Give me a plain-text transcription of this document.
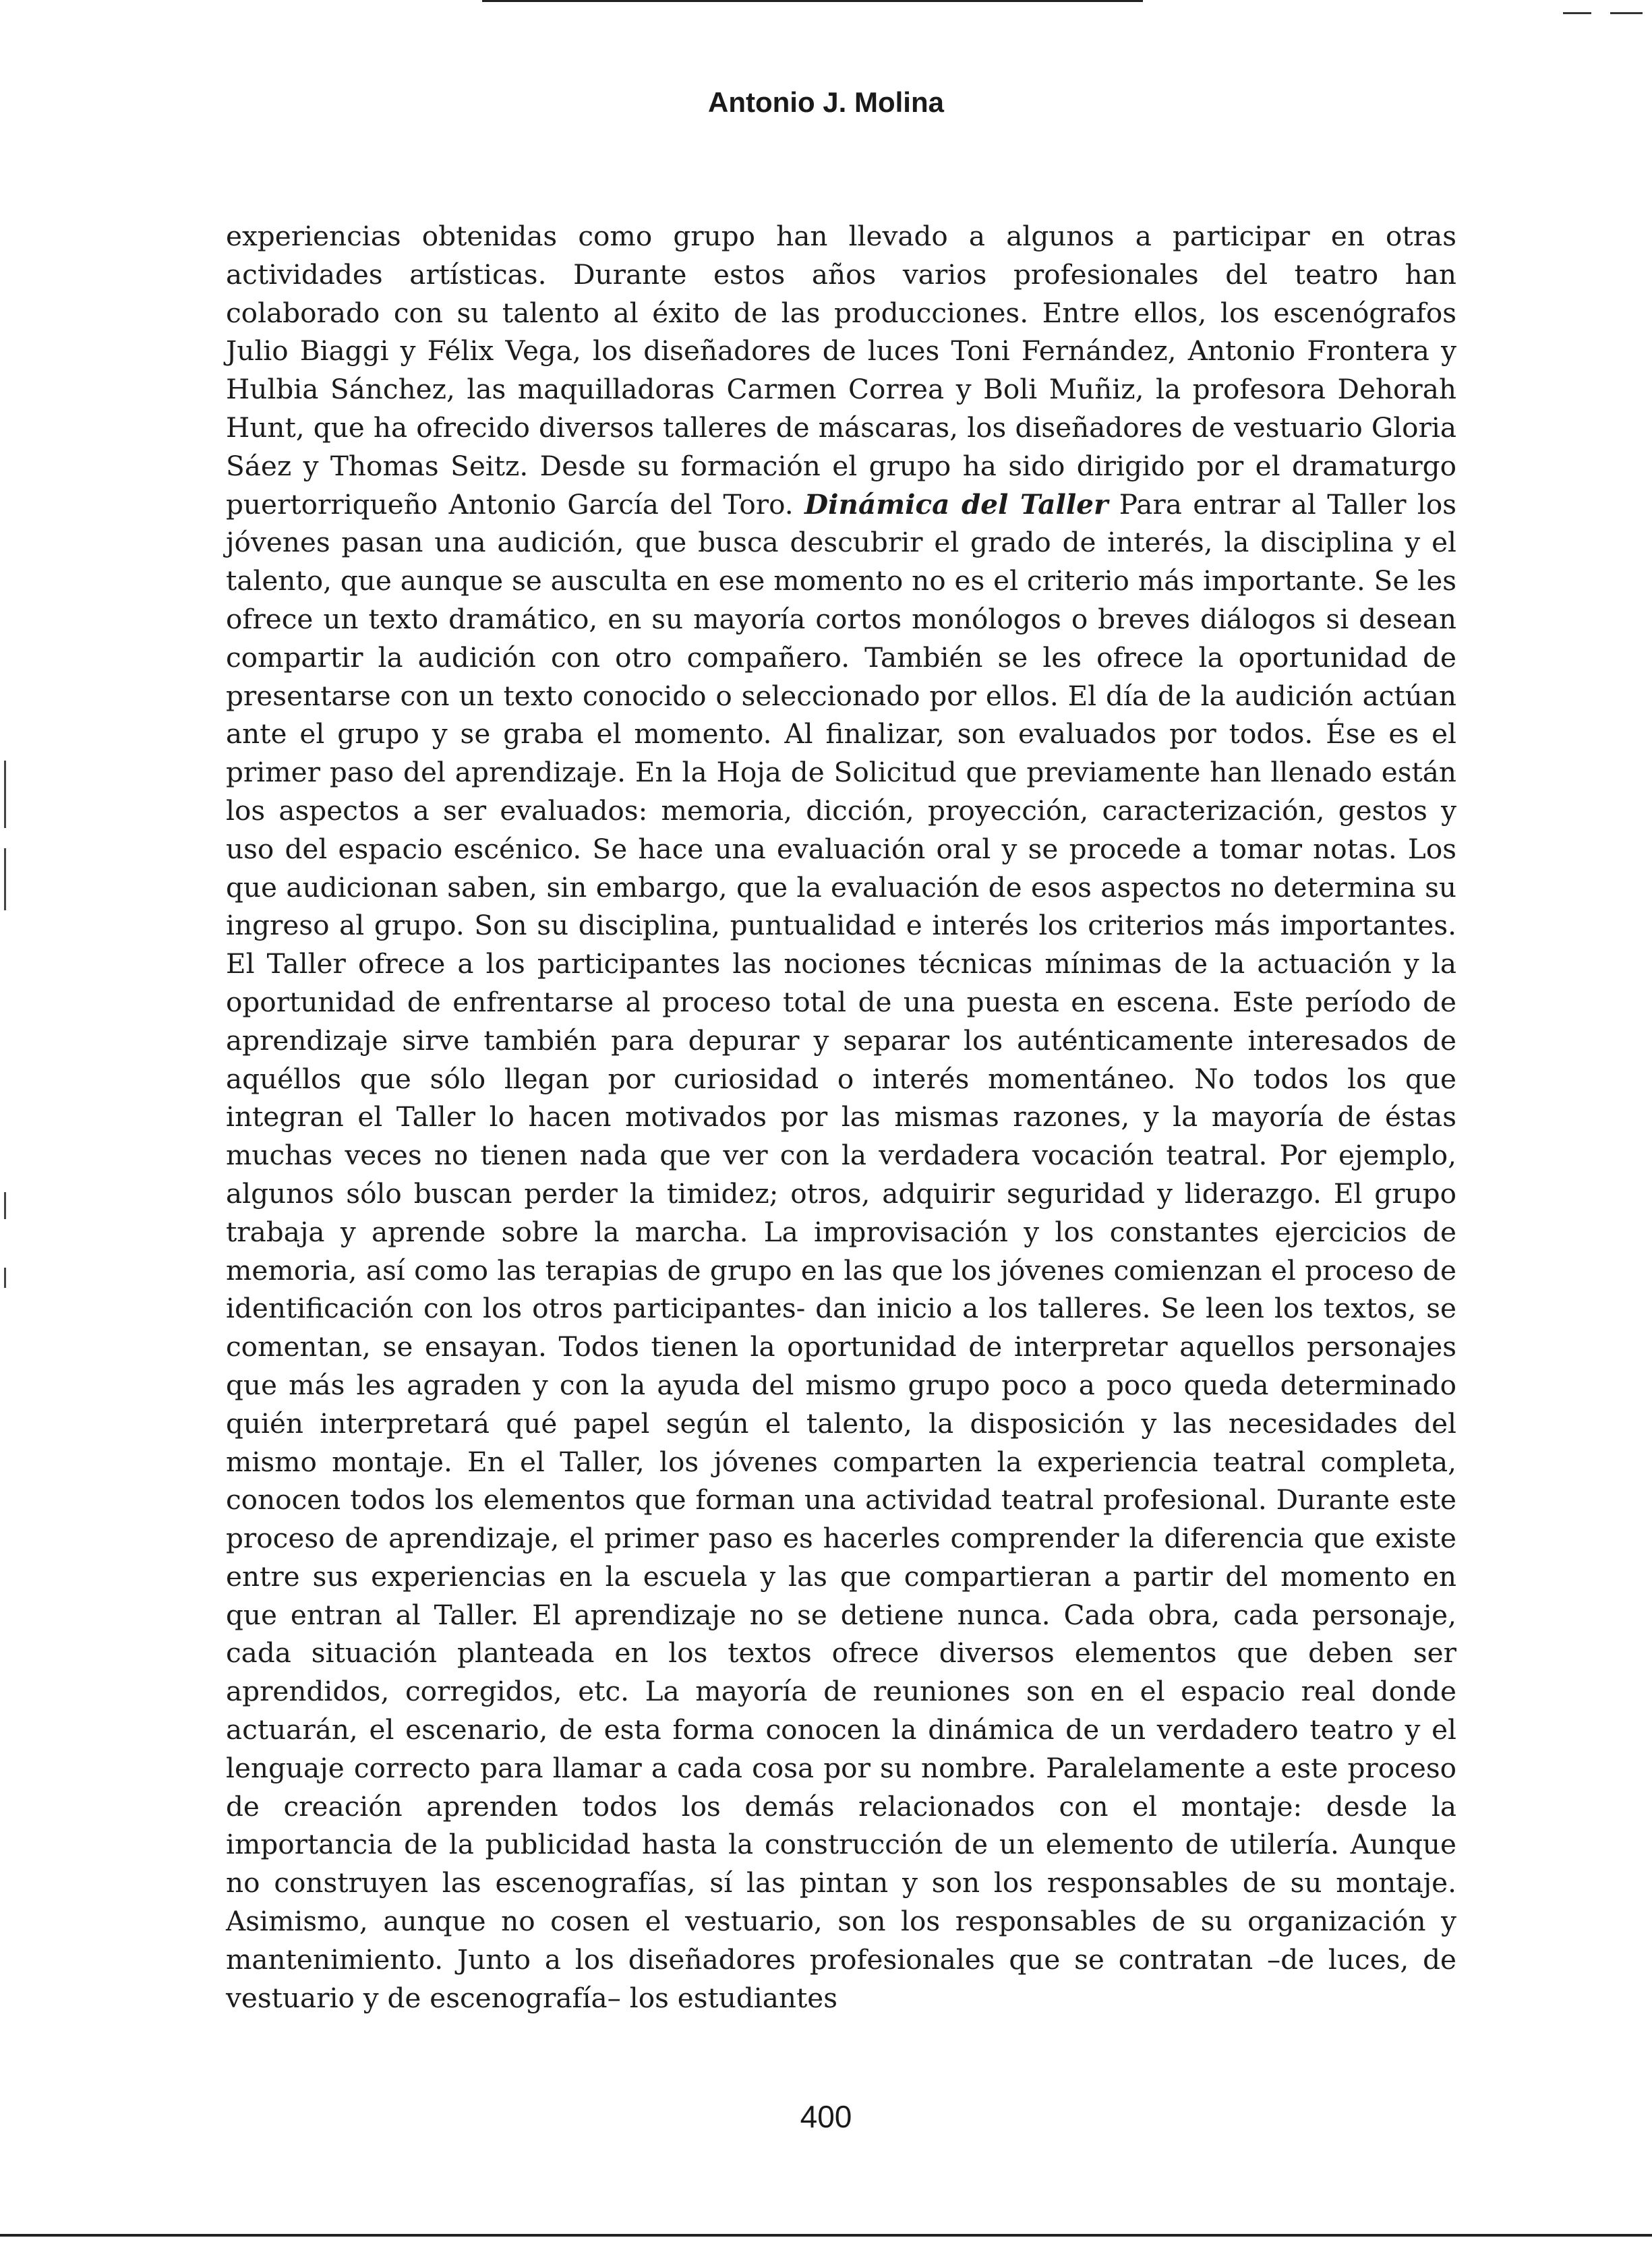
Antonio J. Molina

experiencias obtenidas como grupo han llevado a algunos a participar en otras actividades artísticas. Durante estos años varios profesionales del teatro han colaborado con su talento al éxito de las producciones. Entre ellos, los escenógrafos Julio Biaggi y Félix Vega, los diseñadores de luces Toni Fernández, Antonio Frontera y Hulbia Sánchez, las maquilladoras Carmen Correa y Boli Muñiz, la profesora Dehorah Hunt, que ha ofrecido diversos talleres de máscaras, los diseñadores de vestuario Gloria Sáez y Thomas Seitz. Desde su formación el grupo ha sido dirigido por el dramaturgo puertorriqueño Antonio García del Toro. Dinámica del Taller Para entrar al Taller los jóvenes pasan una audición, que busca descubrir el grado de interés, la disciplina y el talento, que aunque se ausculta en ese momento no es el criterio más importante. Se les ofrece un texto dramático, en su mayoría cortos monólogos o breves diálogos si desean compartir la audición con otro compañero. También se les ofrece la oportunidad de presentarse con un texto conocido o seleccionado por ellos. El día de la audición actúan ante el grupo y se graba el momento. Al finalizar, son evaluados por todos. Ése es el primer paso del aprendizaje. En la Hoja de Solicitud que previamente han llenado están los aspectos a ser evaluados: memoria, dicción, proyección, caracterización, gestos y uso del espacio escénico. Se hace una evaluación oral y se procede a tomar notas. Los que audicionan saben, sin embargo, que la evaluación de esos aspectos no determina su ingreso al grupo. Son su disciplina, puntualidad e interés los criterios más importantes. El Taller ofrece a los participantes las nociones técnicas mínimas de la actuación y la oportunidad de enfrentarse al proceso total de una puesta en escena. Este período de aprendizaje sirve también para depurar y separar los auténticamente interesados de aquéllos que sólo llegan por curiosidad o interés momentáneo. No todos los que integran el Taller lo hacen motivados por las mismas razones, y la mayoría de éstas muchas veces no tienen nada que ver con la verdadera vocación teatral. Por ejemplo, algunos sólo buscan perder la timidez; otros, adquirir seguridad y liderazgo. El grupo trabaja y aprende sobre la marcha. La improvisación y los constantes ejercicios de memoria, así como las terapias de grupo en las que los jóvenes comienzan el proceso de identificación con los otros participantes- dan inicio a los talleres. Se leen los textos, se comentan, se ensayan. Todos tienen la oportunidad de interpretar aquellos personajes que más les agraden y con la ayuda del mismo grupo poco a poco queda determinado quién interpretará qué papel según el talento, la disposición y las necesidades del mismo montaje. En el Taller, los jóvenes comparten la experiencia teatral completa, conocen todos los elementos que forman una actividad teatral profesional. Durante este proceso de aprendizaje, el primer paso es hacerles comprender la diferencia que existe entre sus experiencias en la escuela y las que compartieran a partir del momento en que entran al Taller. El aprendizaje no se detiene nunca. Cada obra, cada personaje, cada situación planteada en los textos ofrece diversos elementos que deben ser aprendidos, corregidos, etc. La mayoría de reuniones son en el espacio real donde actuarán, el escenario, de esta forma conocen la dinámica de un verdadero teatro y el lenguaje correcto para llamar a cada cosa por su nombre. Paralelamente a este proceso de creación aprenden todos los demás relacionados con el montaje: desde la importancia de la publicidad hasta la construcción de un elemento de utilería. Aunque no construyen las escenografías, sí las pintan y son los responsables de su montaje. Asimismo, aunque no cosen el vestuario, son los responsables de su organización y mantenimiento. Junto a los diseñadores profesionales que se contratan –de luces, de vestuario y de escenografía– los estudiantes

400
